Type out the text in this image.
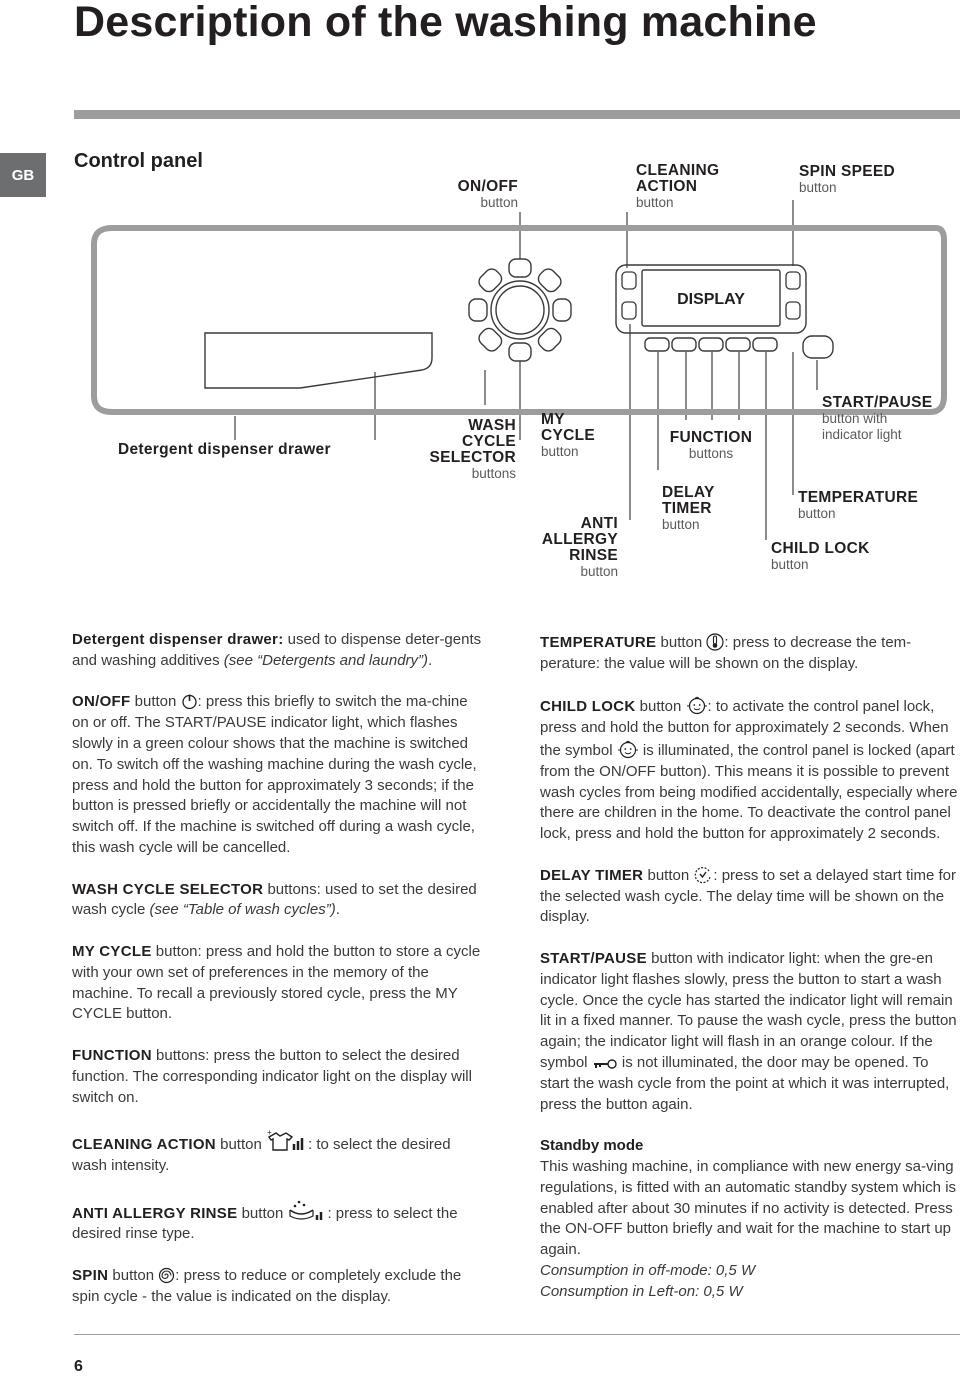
Description of the washing machine
GB
Control panel
DISPLAY
ON/OFF
button
CLEANING
ACTION
button
SPIN SPEED
button
Detergent dispenser drawer
WASH
CYCLE
SELECTOR
buttons
MY
CYCLE
button
FUNCTION
buttons
START/PAUSE
button with
indicator light
ANTI
ALLERGY
RINSE
button
DELAY
TIMER
button
TEMPERATURE
button
CHILD LOCK
button

Detergent dispenser drawer: used to dispense deter-gents and washing additives (see “Detergents and laundry”).

ON/OFF button : press this briefly to switch the ma-chine on or off. The START/PAUSE indicator light, which flashes slowly in a green colour shows that the machine is switched on. To switch off the washing machine during the wash cycle, press and hold the button for approximately 3 seconds; if the button is pressed briefly or accidentally the machine will not switch off. If the machine is switched off during a wash cycle, this wash cycle will be cancelled.

WASH CYCLE SELECTOR buttons: used to set the desired wash cycle (see “Table of wash cycles”).

MY CYCLE button: press and hold the button to store a cycle with your own set of preferences in the memory of the machine. To recall a previously stored cycle, press the MY CYCLE button.

FUNCTION buttons: press the button to select the desired function. The corresponding indicator light on the display will switch on.

CLEANING ACTION button
+
: to select the desired wash intensity.

ANTI ALLERGY RINSE button	: press to select the desired rinse type.

SPIN button : press to reduce or completely exclude the spin cycle - the value is indicated on the display.

TEMPERATURE button : press to decrease the tem-perature: the value will be shown on the display.

CHILD LOCK button : to activate the control panel lock, press and hold the button for approximately 2 seconds. When the symbol  is illuminated, the control panel is locked (apart from the ON/OFF button). This means it is possible to prevent wash cycles from being modified accidentally, especially where there are children in the home. To deactivate the control panel lock, press and hold the button for approximately 2 seconds.

DELAY TIMER button : press to set a delayed start time for the selected wash cycle. The delay time will be shown on the display.

START/PAUSE button with indicator light: when the gre-en indicator light flashes slowly, press the button to start a wash cycle. Once the cycle has started the indicator light will remain lit in a fixed manner. To pause the wash cycle, press the button again; the indicator light will flash in an orange colour. If the symbol  is not illuminated, the door may be opened. To start the wash cycle from the point at which it was interrupted, press the button again.

Standby mode
This washing machine, in compliance with new energy sa-ving regulations, is fitted with an automatic standby system which is enabled after about 30 minutes if no activity is detected. Press the ON-OFF button briefly and wait for the machine to start up again.
Consumption in off-mode: 0,5 W
Consumption in Left-on: 0,5 W
6
